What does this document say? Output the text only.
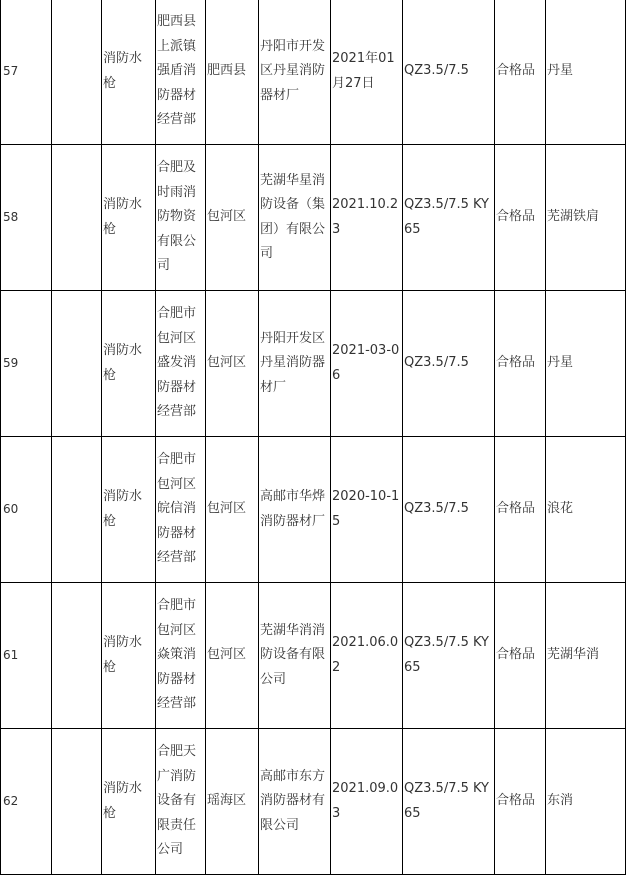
57		消防水枪	肥西县上派镇强盾消防器材经营部	肥西县	丹阳市开发区丹星消防器材厂	2021年01月27日	QZ3.5/7.5	合格品	丹星
58		消防水枪	合肥及时雨消防物资有限公司	包河区	芜湖华星消防设备（集团）有限公司	2021.10.23	QZ3.5/7.5 KY65	合格品	芜湖铁肩
59		消防水枪	合肥市包河区盛发消防器材经营部	包河区	丹阳开发区丹星消防器材厂	2021-03-06	QZ3.5/7.5	合格品	丹星
60		消防水枪	合肥市包河区皖信消防器材经营部	包河区	高邮市华烨消防器材厂	2020-10-15	QZ3.5/7.5	合格品	浪花
61		消防水枪	合肥市包河区焱策消防器材经营部	包河区	芜湖华消消防设备有限公司	2021.06.02	QZ3.5/7.5 KY65	合格品	芜湖华消
62		消防水枪	合肥天广消防设备有限责任公司	瑶海区	高邮市东方消防器材有限公司	2021.09.03	QZ3.5/7.5 KY65	合格品	东消
